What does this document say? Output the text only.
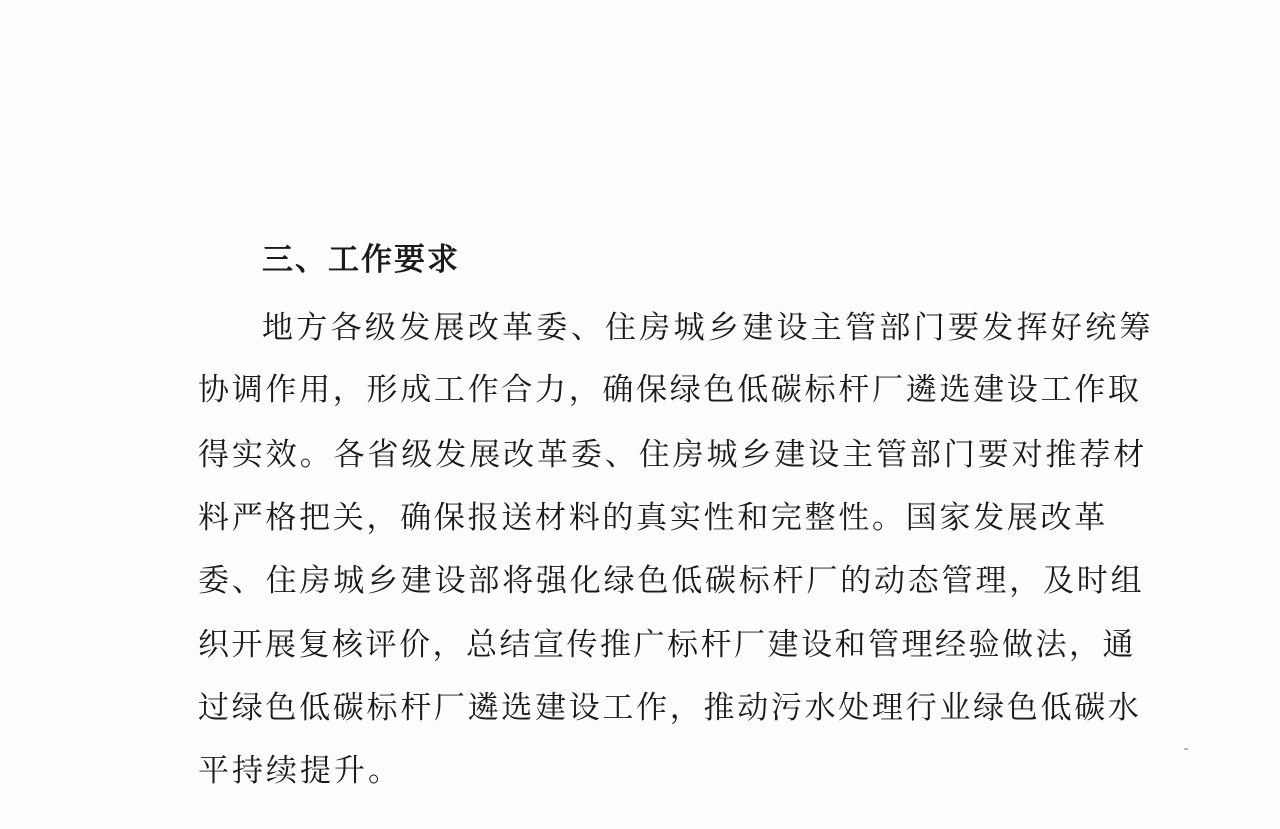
三、工作要求
地方各级发展改革委、住房城乡建设主管部门要发挥好统筹
协调作用，形成工作合力，确保绿色低碳标杆厂遴选建设工作取
得实效。各省级发展改革委、住房城乡建设主管部门要对推荐材
料严格把关，确保报送材料的真实性和完整性。国家发展改革
委、住房城乡建设部将强化绿色低碳标杆厂的动态管理，及时组
织开展复核评价，总结宣传推广标杆厂建设和管理经验做法，通
过绿色低碳标杆厂遴选建设工作，推动污水处理行业绿色低碳水
平持续提升。
